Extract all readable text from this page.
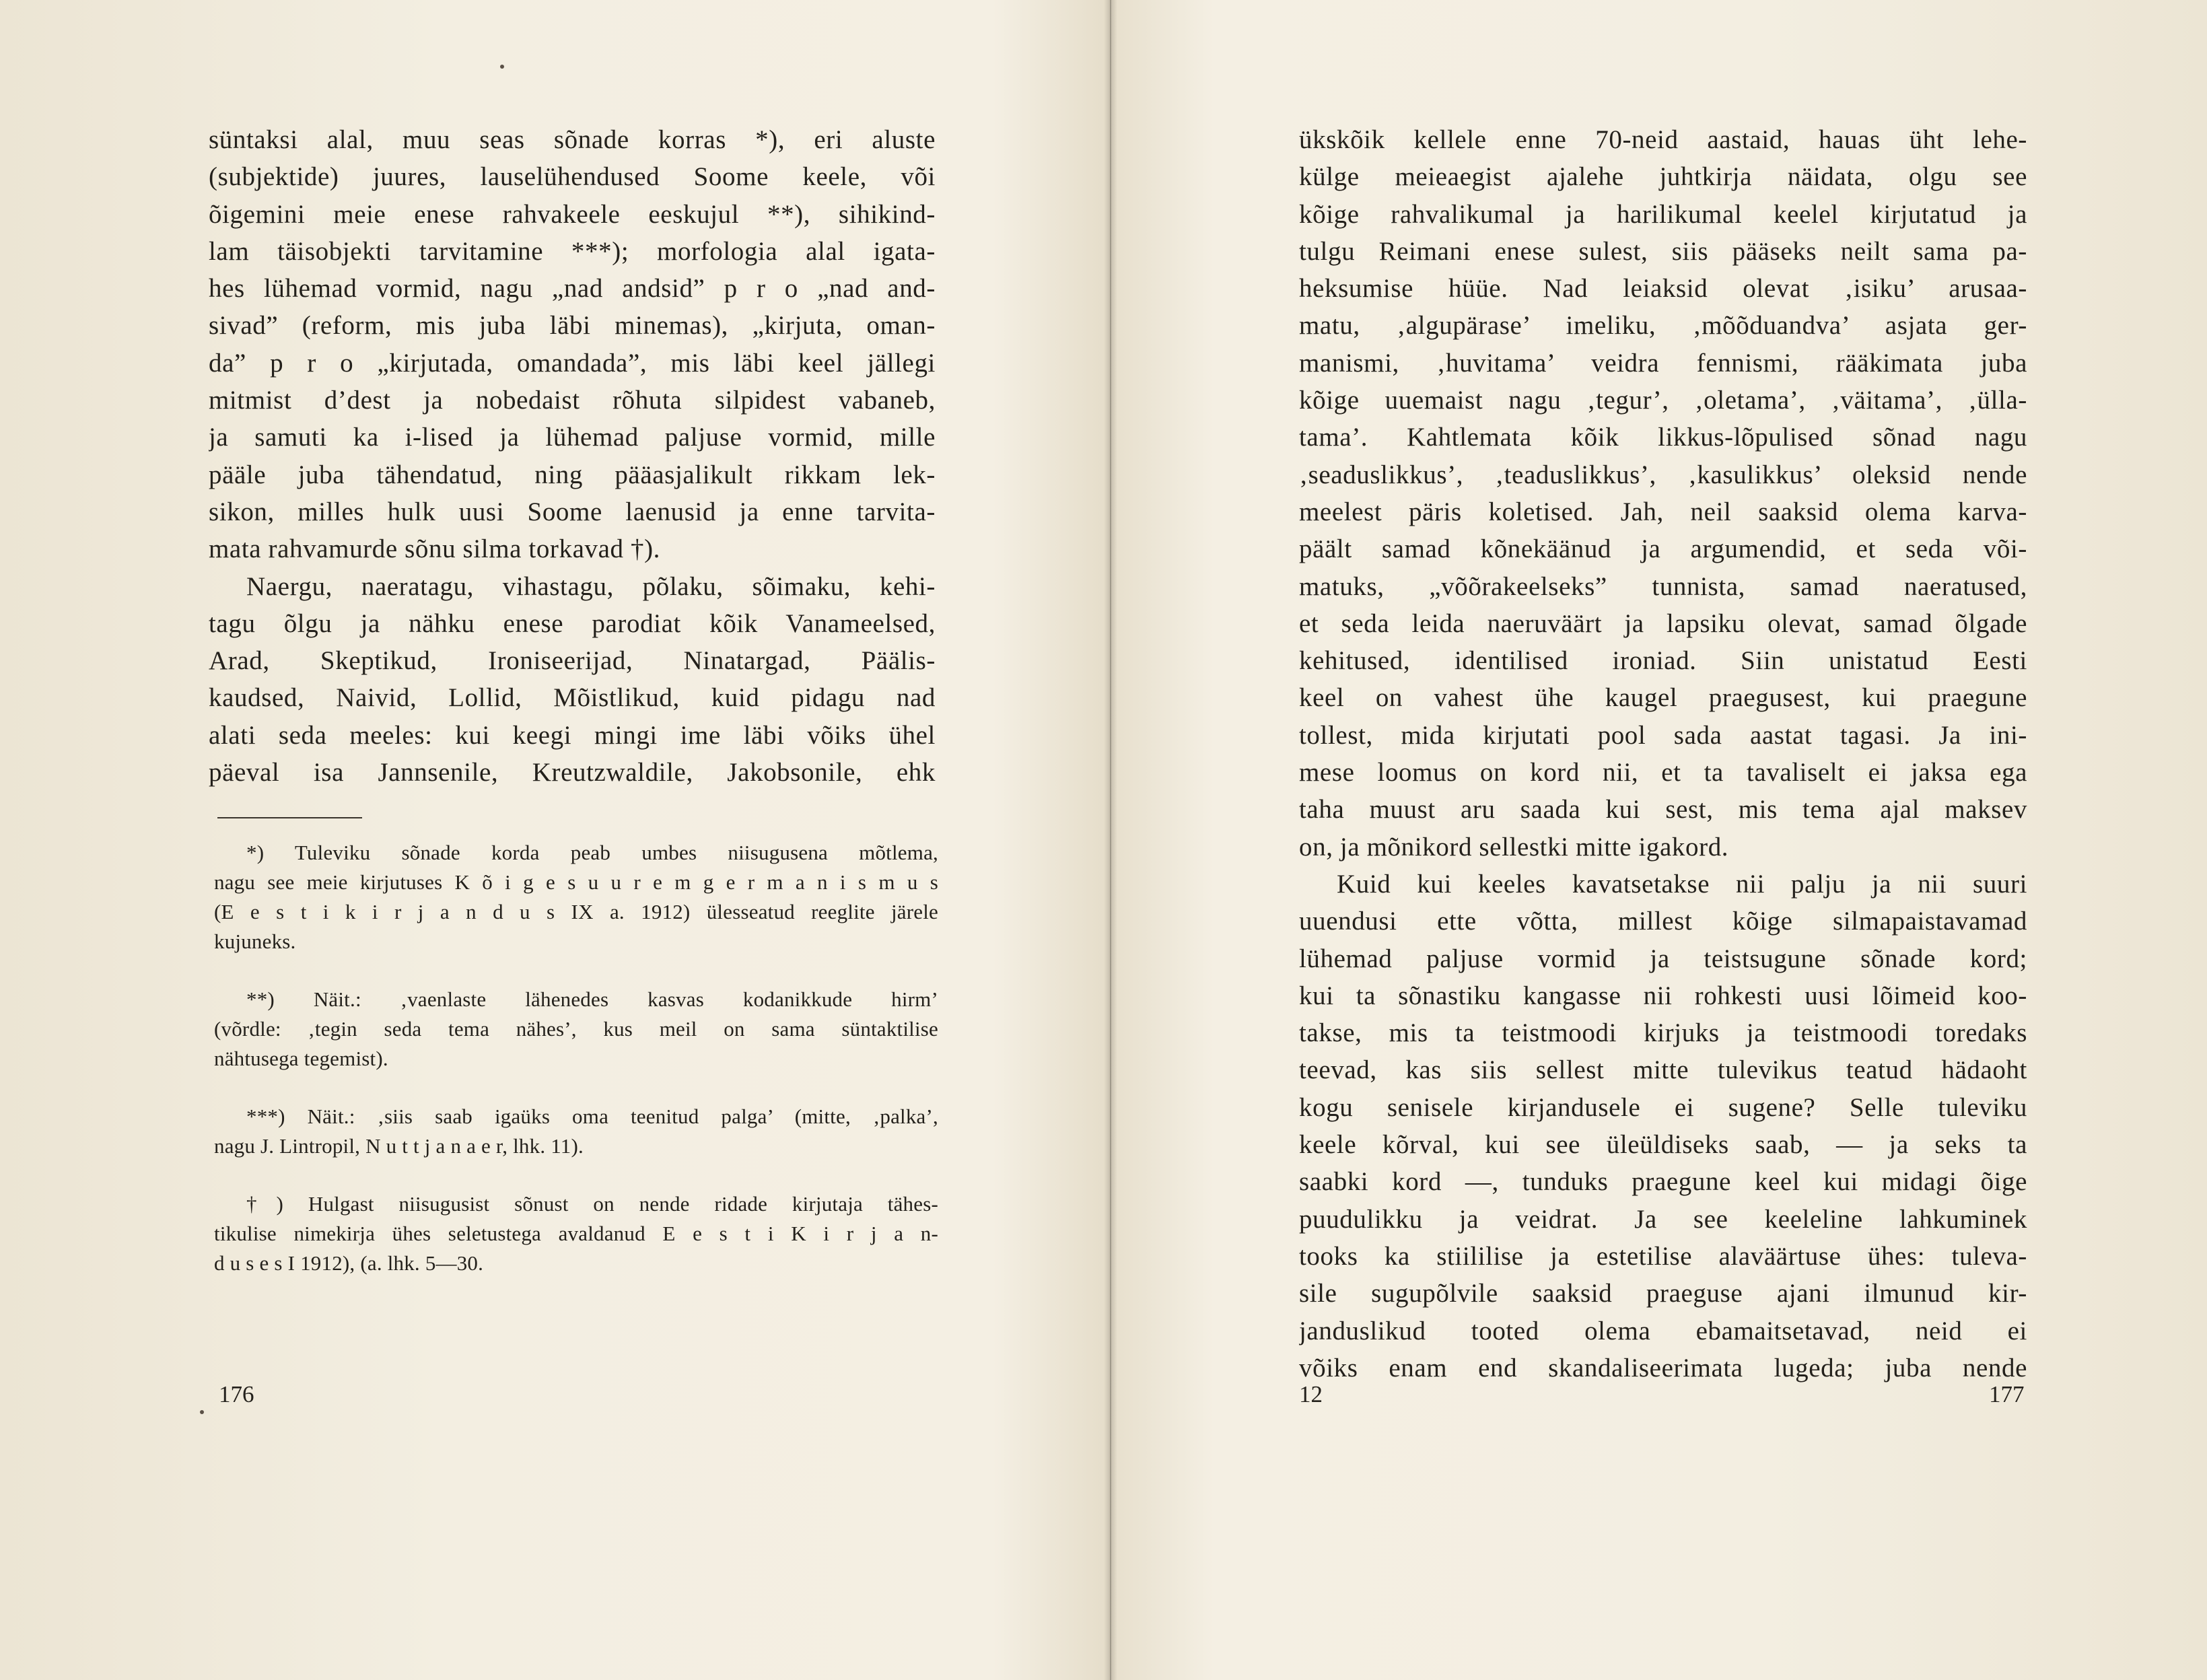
süntaksi alal, muu seas sõnade korras *), eri aluste
(subjektide) juures, lauselühendused Soome keele, või
õigemini meie enese rahvakeele eeskujul **), sihikind-
lam täisobjekti tarvitamine ***); morfologia alal igata-
hes lühemad vormid, nagu „nad andsid” p r o „nad and-
sivad” (reform, mis juba läbi minemas), „kirjuta, oman-
da” p r o „kirjutada, omandada”, mis läbi keel jällegi
mitmist d’dest ja nobedaist rõhuta silpidest vabaneb,
ja samuti ka i-lised ja lühemad paljuse vormid, mille
pääle juba tähendatud, ning pääasjalikult rikkam lek-
sikon, milles hulk uusi Soome laenusid ja enne tarvita-
mata rahvamurde sõnu silma torkavad †).
Naergu, naeratagu, vihastagu, põlaku, sõimaku, kehi-
tagu õlgu ja nähku enese parodiat kõik Vanameelsed,
Arad, Skeptikud, Ironiseerijad, Ninatargad, Päälis-
kaudsed, Naivid, Lollid, Mõistlikud, kuid pidagu nad
alati seda meeles: kui keegi mingi ime läbi võiks ühel
päeval isa Jannsenile, Kreutzwaldile, Jakobsonile, ehk
*) Tuleviku sõnade korda peab umbes niisugusena mõtlema,
nagu see meie kirjutuses K õ i g e s u u r e m g e r m a n i s m u s
(E e s t i k i r j a n d u s IX a. 1912) ülesseatud reeglite järele
kujuneks.
**) Näit.: ‚vaenlaste lähenedes kasvas kodanikkude hirm’
(võrdle: ‚tegin seda tema nähes’, kus meil on sama süntaktilise
nähtusega tegemist).
***) Näit.: ‚siis saab igaüks oma teenitud palga’ (mitte, ‚palka’,
nagu J. Lintropil, N u t t j a n a e r, lhk. 11).
†) Hulgast niisugusist sõnust on nende ridade kirjutaja tähes-
tikulise nimekirja ühes seletustega avaldanud E e s t i K i r j a n-
d u s e s I 1912), (a. lhk. 5—30.
176
ükskõik kellele enne 70-neid aastaid, hauas üht lehe-
külge meieaegist ajalehe juhtkirja näidata, olgu see
kõige rahvalikumal ja harilikumal keelel kirjutatud ja
tulgu Reimani enese sulest, siis pääseks neilt sama pa-
heksumise hüüe. Nad leiaksid olevat ‚isiku’ arusaa-
matu, ‚algupärase’ imeliku, ‚mõõduandva’ asjata ger-
manismi, ‚huvitama’ veidra fennismi, rääkimata juba
kõige uuemaist nagu ‚tegur’, ‚oletama’, ‚väitama’, ‚ülla-
tama’. Kahtlemata kõik likkus-lõpulised sõnad nagu
‚seaduslikkus’, ‚teaduslikkus’, ‚kasulikkus’ oleksid nende
meelest päris koletised. Jah, neil saaksid olema karva-
päält samad kõnekäänud ja argumendid, et seda või-
matuks, „võõrakeelseks” tunnista, samad naeratused,
et seda leida naeruväärt ja lapsiku olevat, samad õlgade
kehitused, identilised ironiad. Siin unistatud Eesti
keel on vahest ühe kaugel praegusest, kui praegune
tollest, mida kirjutati pool sada aastat tagasi. Ja ini-
mese loomus on kord nii, et ta tavaliselt ei jaksa ega
taha muust aru saada kui sest, mis tema ajal maksev
on, ja mõnikord sellestki mitte igakord.
Kuid kui keeles kavatsetakse nii palju ja nii suuri
uuendusi ette võtta, millest kõige silmapaistavamad
lühemad paljuse vormid ja teistsugune sõnade kord;
kui ta sõnastiku kangasse nii rohkesti uusi lõimeid koo-
takse, mis ta teistmoodi kirjuks ja teistmoodi toredaks
teevad, kas siis sellest mitte tulevikus teatud hädaoht
kogu senisele kirjandusele ei sugene? Selle tuleviku
keele kõrval, kui see üleüldiseks saab, — ja seks ta
saabki kord —, tunduks praegune keel kui midagi õige
puudulikku ja veidrat. Ja see keeleline lahkuminek
tooks ka stiililise ja estetilise alaväärtuse ühes: tuleva-
sile sugupõlvile saaksid praeguse ajani ilmunud kir-
janduslikud tooted olema ebamaitsetavad, neid ei
võiks enam end skandaliseerimata lugeda; juba nende
12	177
